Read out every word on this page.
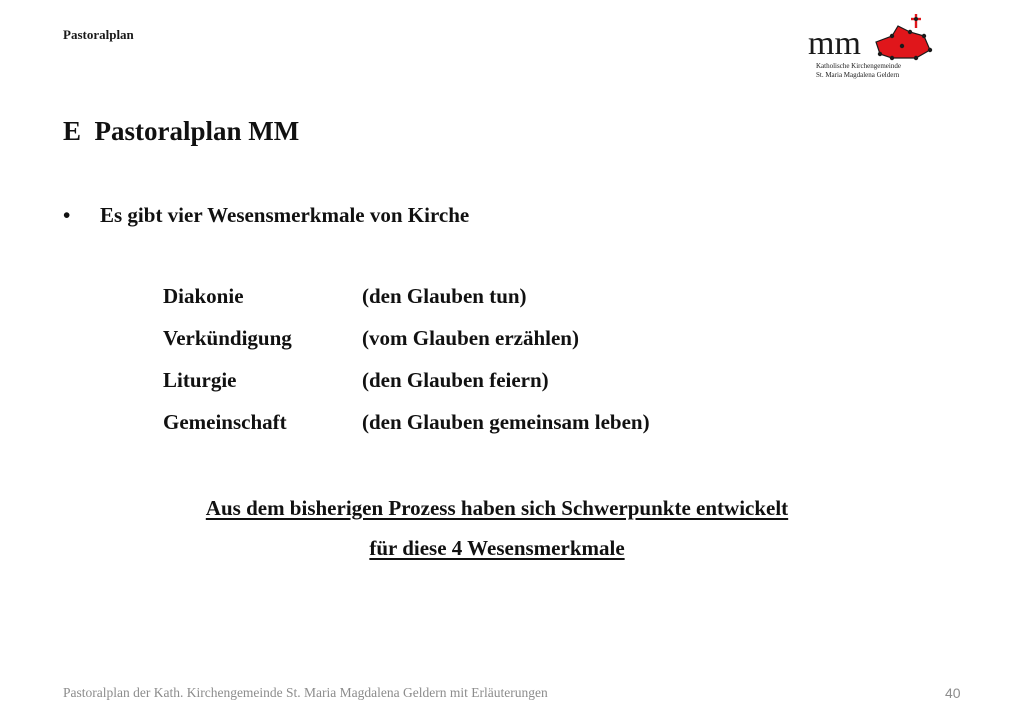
Pastoralplan	mm
Katholische Kirchengemeinde
St. Maria Magdalena Geldern
E  Pastoralplan MM
• Es gibt vier Wesensmerkmale von Kirche
Diakonie	(den Glauben tun)
Verkündigung	(vom Glauben erzählen)
Liturgie	(den Glauben feiern)
Gemeinschaft	(den Glauben gemeinsam leben)
Aus dem bisherigen Prozess haben sich Schwerpunkte entwickelt
für diese 4 Wesensmerkmale
Pastoralplan der Kath. Kirchengemeinde St. Maria Magdalena Geldern mit Erläuterungen	40
